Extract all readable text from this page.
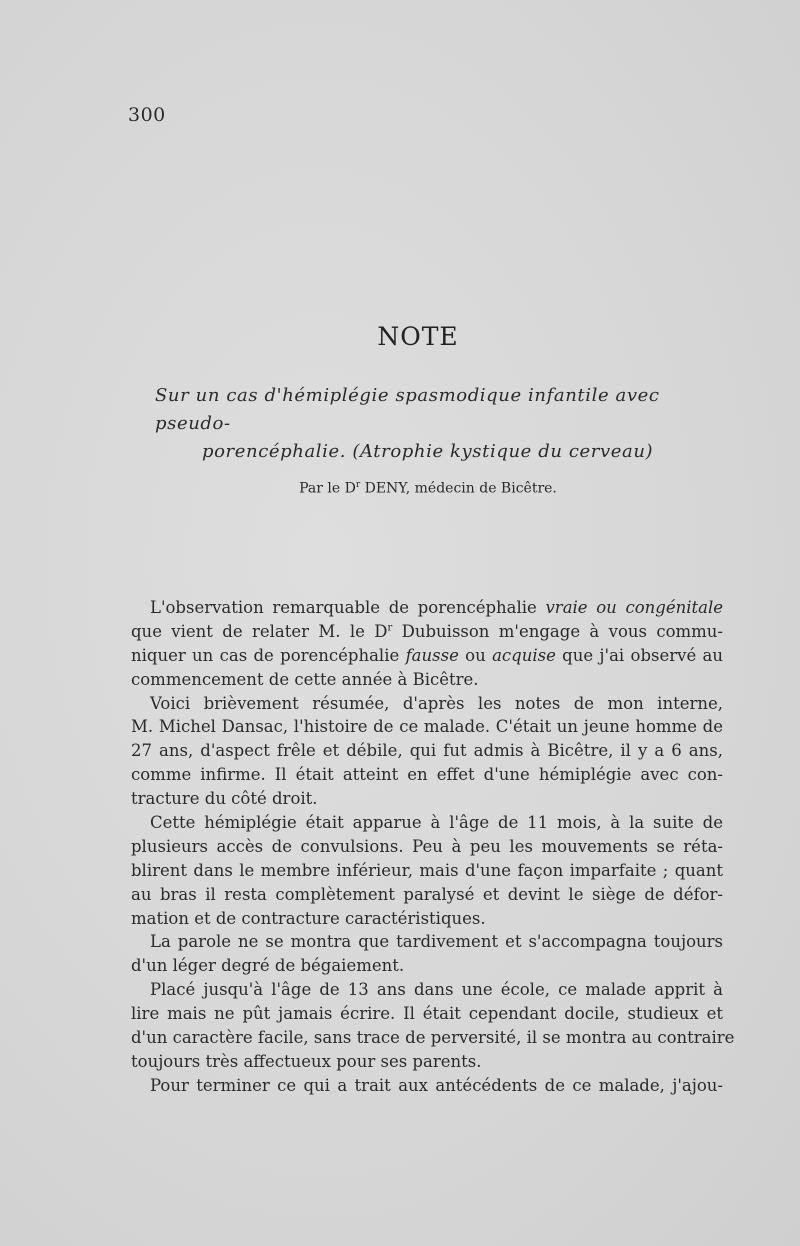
300
NOTE
Sur un cas d'hémiplégie spasmodique infantile avec pseudo-
porencéphalie. (Atrophie kystique du cerveau)
Par le $D^r$ DENY, médecin de Bicêtre.
L'observation remarquable de porencéphalie vraie ou congénitale
que vient de relater M. le $D^r$ Dubuisson m'engage à vous commu-
niquer un cas de porencéphalie fausse ou acquise que j'ai observé au
commencement de cette année à Bicêtre.
Voici brièvement résumée, d'après les notes de mon interne,
M. Michel Dansac, l'histoire de ce malade. C'était un jeune homme de
27 ans, d'aspect frêle et débile, qui fut admis à Bicêtre, il y a 6 ans,
comme infirme. Il était atteint en effet d'une hémiplégie avec con-
tracture du côté droit.
Cette hémiplégie était apparue à l'âge de 11 mois, à la suite de
plusieurs accès de convulsions. Peu à peu les mouvements se réta-
blirent dans le membre inférieur, mais d'une façon imparfaite ; quant
au bras il resta complètement paralysé et devint le siège de défor-
mation et de contracture caractéristiques.
La parole ne se montra que tardivement et s'accompagna toujours
d'un léger degré de bégaiement.
Placé jusqu'à l'âge de 13 ans dans une école, ce malade apprit à
lire mais ne pût jamais écrire. Il était cependant docile, studieux et
d'un caractère facile, sans trace de perversité, il se montra au contraire
toujours très affectueux pour ses parents.
Pour terminer ce qui a trait aux antécédents de ce malade, j'ajou-
